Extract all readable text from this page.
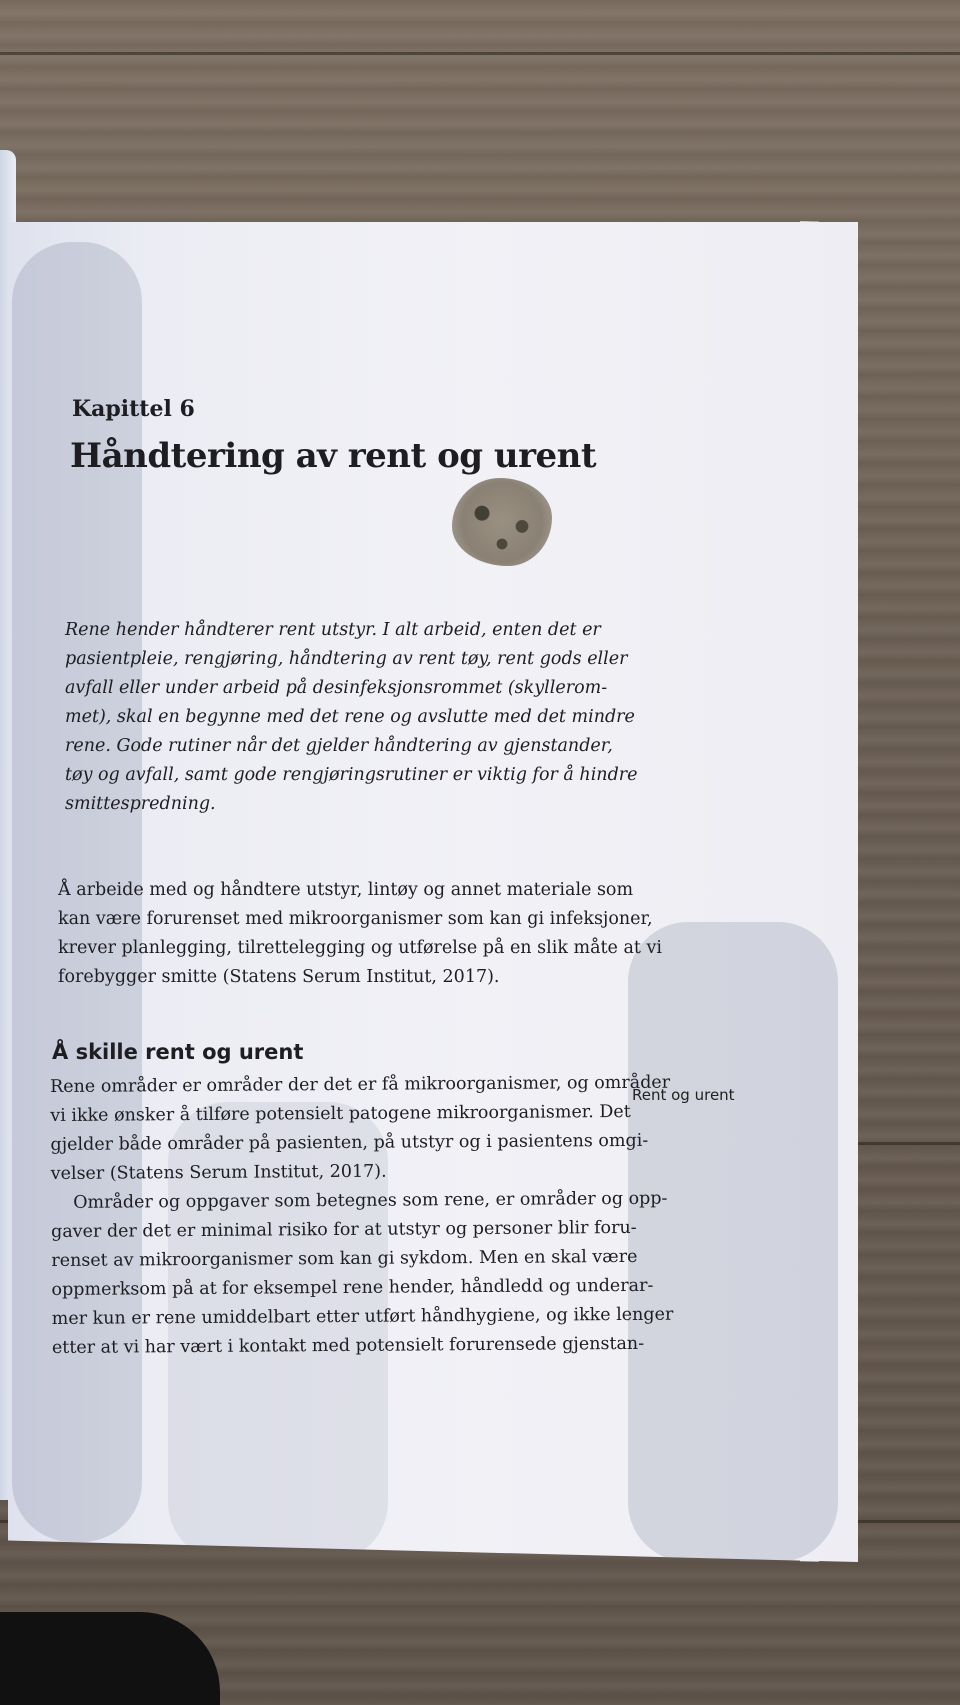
Kapittel 6
Håndtering av rent og urent
Rene hender håndterer rent utstyr. I alt arbeid, enten det er
pasientpleie, rengjøring, håndtering av rent tøy, rent gods eller
avfall eller under arbeid på desinfeksjonsrommet (skyllerom-
met), skal en begynne med det rene og avslutte med det mindre
rene. Gode rutiner når det gjelder håndtering av gjenstander,
tøy og avfall, samt gode rengjøringsrutiner er viktig for å hindre
smittespredning.
Å arbeide med og håndtere utstyr, lintøy og annet materiale som
kan være forurenset med mikroorganismer som kan gi infeksjoner,
krever planlegging, tilrettelegging og utførelse på en slik måte at vi
forebygger smitte (Statens Serum Institut, 2017).
Å skille rent og urent
Rent og urent
Rene områder er områder der det er få mikroorganismer, og områder
vi ikke ønsker å tilføre potensielt patogene mikroorganismer. Det
gjelder både områder på pasienten, på utstyr og i pasientens omgi-
velser (Statens Serum Institut, 2017).
Områder og oppgaver som betegnes som rene, er områder og opp-
gaver der det er minimal risiko for at utstyr og personer blir foru-
renset av mikroorganismer som kan gi sykdom. Men en skal være
oppmerksom på at for eksempel rene hender, håndledd og underar-
mer kun er rene umiddelbart etter utført håndhygiene, og ikke lenger
etter at vi har vært i kontakt med potensielt forurensede gjenstan-
